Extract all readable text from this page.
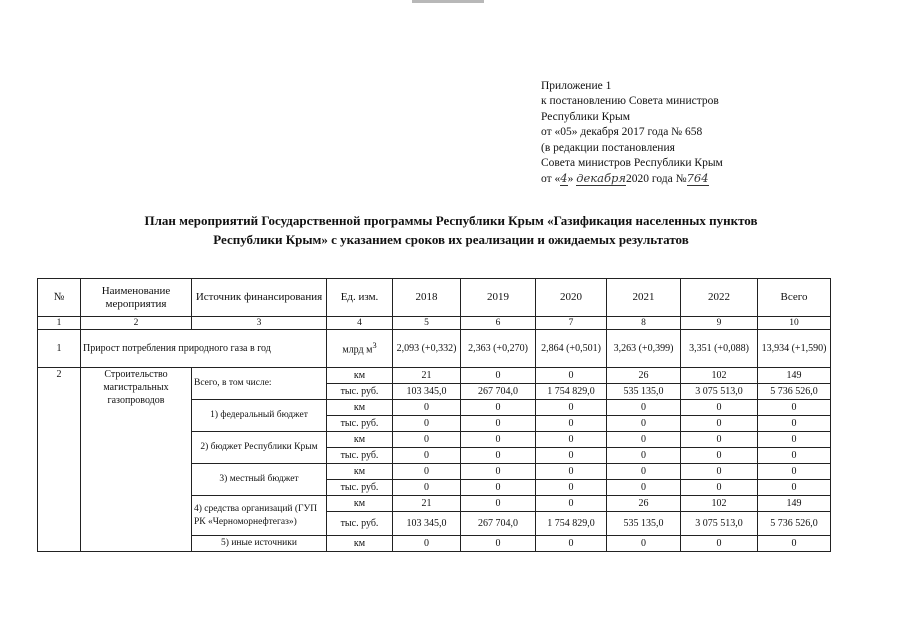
Приложение 1
к постановлению Совета министров
Республики Крым
от «05» декабря 2017 года № 658
(в редакции постановления
Совета министров Республики Крым
от «4» декабря2020 года №764
План мероприятий Государственной программы Республики Крым «Газификация населенных пунктов
Республики Крым» с указанием сроков их реализации и ожидаемых результатов
№	Наименование мероприятия	Источник финансирования	Ед. изм.	2018	2019	2020	2021	2022	Всего
1	2	3	4	5	6	7	8	9	10
1	Прирост потребления природного газа в год		млрд $м^3$	2,093 (+0,332)	2,363 (+0,270)	2,864 (+0,501)	3,263 (+0,399)	3,351 (+0,088)	13,934 (+1,590)
2	Строительство магистральных газопроводов	Всего, в том числе:	км	21	0	0	26	102	149
			тыс. руб.	103 345,0	267 704,0	1 754 829,0	535 135,0	3 075 513,0	5 736 526,0
		1) федеральный бюджет	км	0	0	0	0	0	0
			тыс. руб.	0	0	0	0	0	0
		2) бюджет Республики Крым	км	0	0	0	0	0	0
			тыс. руб.	0	0	0	0	0	0
		3) местный бюджет	км	0	0	0	0	0	0
			тыс. руб.	0	0	0	0	0	0
		4) средства организаций (ГУП РК «Черноморнефтегаз»)	км	21	0	0	26	102	149
			тыс. руб.	103 345,0	267 704,0	1 754 829,0	535 135,0	3 075 513,0	5 736 526,0
		5) иные источники	км	0	0	0	0	0	0
